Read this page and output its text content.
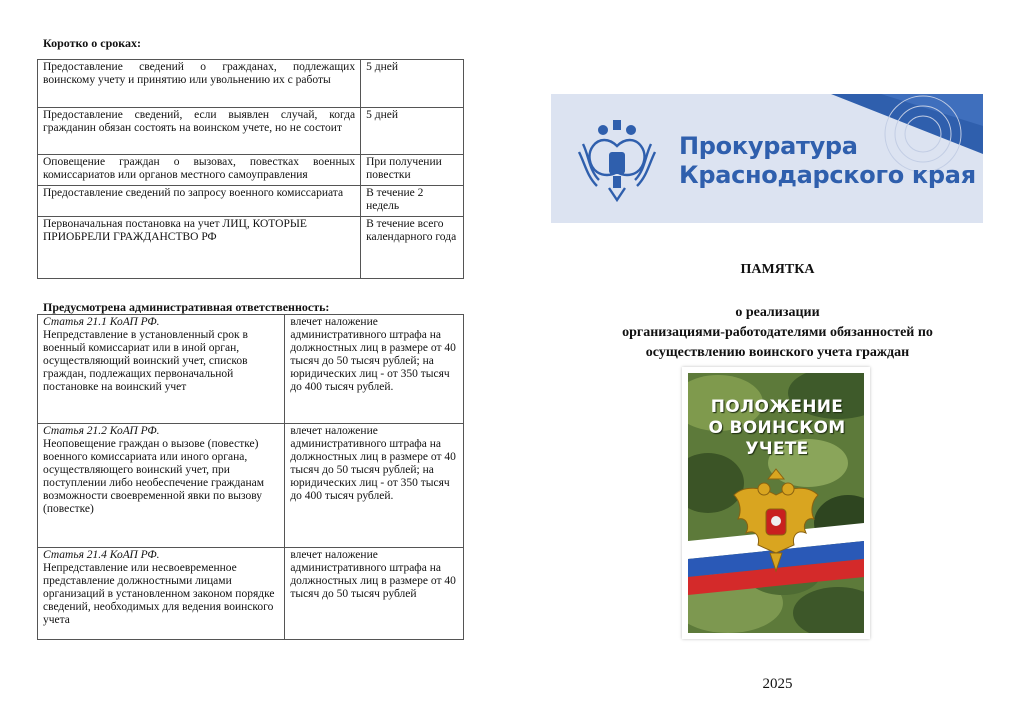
Коротко о сроках:
Предоставление сведений о гражданах, подлежащих воинскому учету и принятию или увольнению их с работы	5 дней
Предоставление сведений, если выявлен случай, когда гражданин обязан состоять на воинском учете, но не состоит	5 дней
Оповещение граждан о вызовах, повестках военных комиссариатов или органов местного самоуправления	При получении повестки
Предоставление сведений по запросу военного комиссариата	В течение 2 недель
Первоначальная постановка на учет ЛИЦ, КОТОРЫЕ ПРИОБРЕЛИ ГРАЖДАНСТВО РФ	В течение всего календарного года
Предусмотрена административная ответственность:
Статья 21.1 КоАП РФ.
Непредставление в установленный срок в военный комиссариат или в иной орган, осуществляющий воинский учет, списков граждан, подлежащих первоначальной постановке на воинский учет	влечет наложение административного штрафа на должностных лиц в размере от 40 тысяч до 50 тысяч рублей; на юридических лиц - от 350 тысяч до 400 тысяч рублей.

Статья 21.2 КоАП РФ.
Неоповещение граждан о вызове (повестке) военного комиссариата или иного органа, осуществляющего воинский учет, при поступлении либо необеспечение гражданам возможности своевременной явки по вызову (повестке)	влечет наложение административного штрафа на должностных лиц в размере от 40 тысяч до 50 тысяч рублей; на юридических лиц - от 350 тысяч до 400 тысяч рублей.

Статья 21.4 КоАП РФ.
Непредставление или несвоевременное представление должностными лицами организаций в установленном законом порядке сведений, необходимых для ведения воинского учета	влечет наложение административного штрафа на должностных лиц в размере от 40 тысяч до 50 тысяч рублей
Прокуратура
Краснодарского края
ПАМЯТКА
о реализации
организациями-работодателями обязанностей по
осуществлению воинского учета граждан
ПОЛОЖЕНИЕ
О ВОИНСКОМ
УЧЕТЕ
2025
